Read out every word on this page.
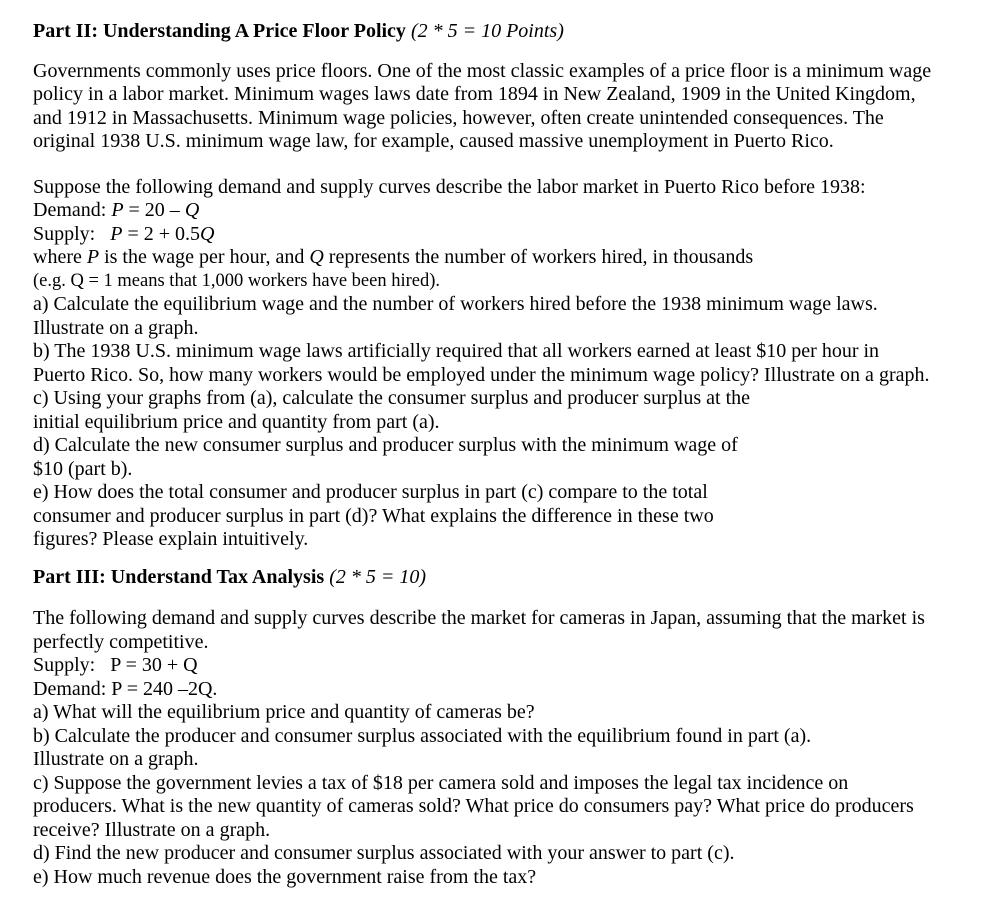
Part II: Understanding A Price Floor Policy (2 * 5 = 10 Points)
Governments commonly uses price floors. One of the most classic examples of a price floor is a minimum wage
policy in a labor market. Minimum wages laws date from 1894 in New Zealand, 1909 in the United Kingdom,
and 1912 in Massachusetts. Minimum wage policies, however, often create unintended consequences. The
original 1938 U.S. minimum wage law, for example, caused massive unemployment in Puerto Rico.
Suppose the following demand and supply curves describe the labor market in Puerto Rico before 1938:
Demand: P = 20 – Q
Supply:   P = 2 + 0.5Q
where P is the wage per hour, and Q represents the number of workers hired, in thousands
(e.g. Q = 1 means that 1,000 workers have been hired).
a) Calculate the equilibrium wage and the number of workers hired before the 1938 minimum wage laws.
Illustrate on a graph.
b) The 1938 U.S. minimum wage laws artificially required that all workers earned at least $10 per hour in
Puerto Rico. So, how many workers would be employed under the minimum wage policy? Illustrate on a graph.
c) Using your graphs from (a), calculate the consumer surplus and producer surplus at the
initial equilibrium price and quantity from part (a).
d) Calculate the new consumer surplus and producer surplus with the minimum wage of
$10 (part b).
e) How does the total consumer and producer surplus in part (c) compare to the total
consumer and producer surplus in part (d)? What explains the difference in these two
figures? Please explain intuitively.
Part III: Understand Tax Analysis (2 * 5 = 10)
The following demand and supply curves describe the market for cameras in Japan, assuming that the market is
perfectly competitive.
Supply:   P = 30 + Q
Demand: P = 240 –2Q.
a) What will the equilibrium price and quantity of cameras be?
b) Calculate the producer and consumer surplus associated with the equilibrium found in part (a).
Illustrate on a graph.
c) Suppose the government levies a tax of $18 per camera sold and imposes the legal tax incidence on
producers. What is the new quantity of cameras sold? What price do consumers pay? What price do producers
receive? Illustrate on a graph.
d) Find the new producer and consumer surplus associated with your answer to part (c).
e) How much revenue does the government raise from the tax?
